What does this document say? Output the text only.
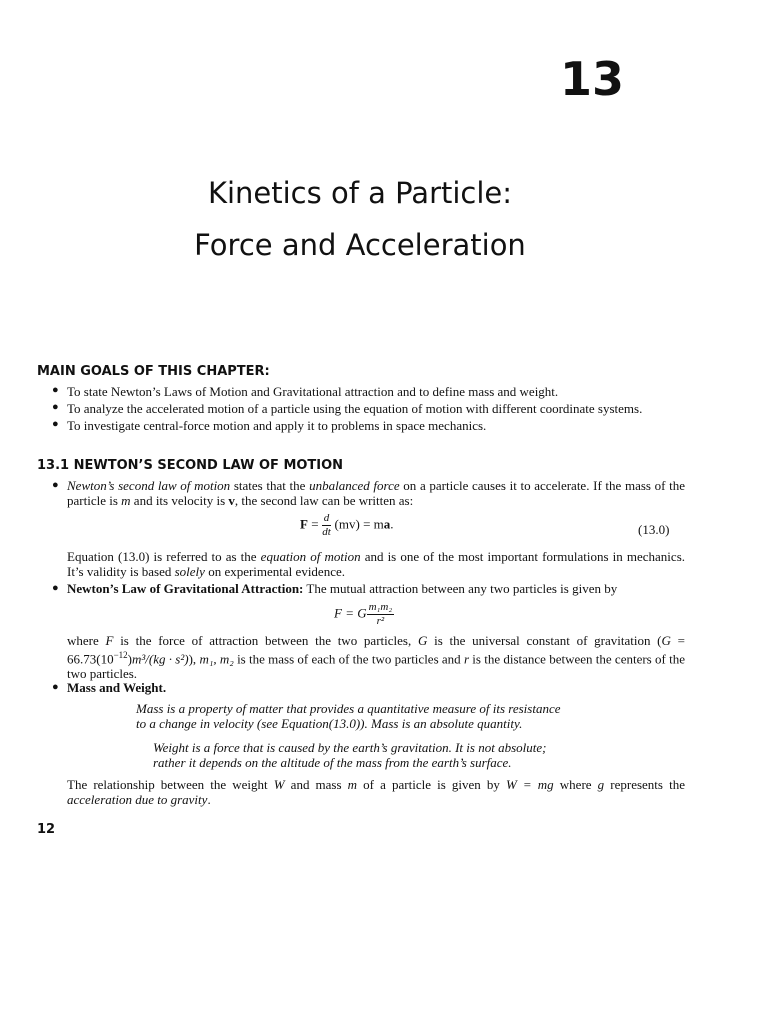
13
Kinetics of a Particle:
Force and Acceleration
MAIN GOALS OF THIS CHAPTER:
● To state Newton’s Laws of Motion and Gravitational attraction and to define mass and weight.
● To analyze the accelerated motion of a particle using the equation of motion with different coordinate systems.
● To investigate central-force motion and apply it to problems in space mechanics.
13.1 NEWTON’S SECOND LAW OF MOTION
● Newton’s second law of motion states that the unbalanced force on a particle causes it to accelerate. If the mass of the particle is m and its velocity is v, the second law can be written as:
$F = \frac{d}{dt} (mv)$ = ma.	(13.0)
Equation (13.0) is referred to as the equation of motion and is one of the most important formulations in mechanics. It’s validity is based solely on experimental evidence.
● Newton’s Law of Gravitational Attraction: The mutual attraction between any two particles is given by
F = G $\frac{\text{m₁m₂}}{\text{r²}}$
where F is the force of attraction between the two particles, G is the universal constant of gravitation $(G = 66.73(10^{-12})m^3/(kg \cdot s^2))$, m₁, m₂ is the mass of each of the two particles and r is the distance between the centers of the two particles.
● Mass and Weight.
Mass is a property of matter that provides a quantitative measure of its resistance
to a change in velocity (see Equation(13.0)). Mass is an absolute quantity.
Weight is a force that is caused by the earth’s gravitation. It is not absolute;
rather it depends on the altitude of the mass from the earth’s surface.
The relationship between the weight W and mass m of a particle is given by W = mg where g represents the acceleration due to gravity.
12
